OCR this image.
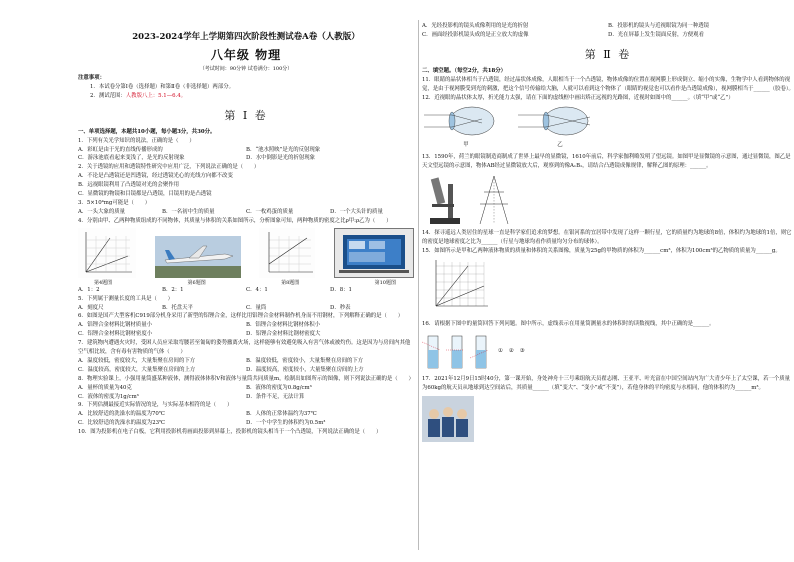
2023-2024学年上学期第四次阶段性测试卷A卷（人教版）
八年级 物理
（考试时间：90分钟 试卷满分：100分）
注意事项：
1．本试卷分第Ⅰ卷（选择题）和第Ⅱ卷（非选择题）两部分。
2．测试范围：人教版八上：5.1—6.4。
第 Ⅰ 卷
一、单项选择题，本题共10小题，每小题3分，共30分。
1．下列有关光学知识的说法，正确的是（　　）
A．彩虹是由于光的直线传播形成的	B．“池水照映”是光的反射现象
C．游泳池底看起来变浅了，是光的反射现象	D．水中倒影是光的折射现象
2．关于透镜的应用和透镜特性研究中应用广泛，下列说法正确的是（　　）
A．不论是凸透镜还是凹透镜，经过透镜光心的光线方向都不改变
B．远视眼镜利用了凸透镜对光的会聚作用
C．显微镜的物镜和目镜都是凸透镜，目镜用的是凸透镜
3．5×10⁴mg可能是（　　）
A．一头大象的质量	B．一名初中生的质量	C．一枚鸡蛋的质量	D．一个大头针的质量
4．分别由甲、乙两种物质组成的不同物体，其质量与体积的关系如图所示，分析图象可知，两种物质的密度之比ρ甲:ρ乙为（　　）
第4题图	第6题图	第8题图	第10题图
A．1：2	B．2：1	C．4：1	D．8：1
5．下列属于测量长度的工具是（　　）
A．刻度尺	B．托盘天平	C．量筒	D．秒表
6．如图是国产大型客机C919部分机身采用了新型的铝锂合金，这样比用铝锂合金材料制作机身而不用钢材，下列解释正确的是（　　）
A．铝锂合金材料比钢材质量小	B．铝锂合金材料比钢材体积小
C．铝锂合金材料比钢材密度小	D．铝锂合金材料比钢材密度大
7．建筑物内遭遇火灾时，受困人员应采取弯腰甚至匍匐的姿势撤离火场，这样能够有效避免吸入有害气体或被灼伤。这是因为与房间内其他空气相比较，含有毒有害物质的气体（　　）
A．温度较低，密度较大，大量集聚在房间的下方	B．温度较低，密度较小，大量集聚在房间的下方
C．温度较高，密度较大，大量集聚在房间的上方	D．温度较高，密度较小，大量集聚在房间的上方
8．物理实验课上，小强用量筒盛某种液体，测得液体体积V和液体与量筒共同质量m，绘制出如图所示的图像，则下列说法正确的是（　　）
A．量杯的质量为40克	B．液体的密度为0.8g/cm³
C．液体的密度为1g/cm³	D．条件不足，无法计算
9．下列估测最接近实际情况的是，与实际基本相符的是（　　）
A．比较舒适的洗澡水的温度为70℃	B．人体的正常体温约为37℃
C．比较舒适的洗澡水的温度为23℃	D．一个中学生的体积约为0.5m³
10．图为投影机在电子白板，它利用投影机将画面投影到屏幕上，投影机的镜头相当于一个凸透镜，下列说法正确的是（　　）
A．光经投影机的镜头成像利用的是光的折射	B．投影机的镜头与近视眼镜为同一种透镜
C．画面经投影机镜头成的是正立放大的虚像	D．光在屏幕上发生镜面反射，方便观看
第 Ⅱ 卷
二、填空题。（每空2分，共18分）
11．眼睛的晶状体相当于凸透镜，经过晶状体成像，人眼相当于一个凸透镜，物体成像的位置在视网膜上形成倒立、缩小的实像，生物学中人看到物体的视觉，是由于视网膜受到光的刺激，把这个信号传输给大脑，人就可以看到这个物体了（眼睛的视觉也可以看作是凸透镜成像），视网膜相当于______（胶卷）。
12．近视眼的晶状体太厚，折光能力太强，请在下面的虚线框中画出矫正远视的光路图，近视时如图中的______。（填“甲”或“乙”）
甲	乙
13．1590年，荷兰的眼镜制造商制成了世界上最早的显微镜，1610年前后，科学家伽利略发明了望远镜。如图甲是显微镜的示意图，通过显微镜，图乙是天文望远镜的示意图，物体AB经过显微镜放大后，观察到的像A₁B₁，请结合凸透镜成像规律，解释乙图的原理：______。
14．探寻遥远人类居住的星球一直是科学家们追求的梦想。在银河系的宜居带中发现了这样一颗行星，它的质量约为地球的8倍，体积约为地球的1倍，则它的密度是地球密度之比为______（行星与地球均看作质量均匀分布的球体）。
15．如图所示是甲和乙两种液体物质的质量和体积的关系图像，质量为25g的甲物质的体积为______cm³，体积为100cm³的乙物质的质量为______g。
16．请根据下图中的量筒回答下列问题。图中所示，虚线表示在用量筒测量水的体积时的读数视线，其中正确的是______。
① ② ③
17．2021年12月9日15时40分，第一课开始，身处神舟十三号乘组航天员翟志刚、王亚平、叶光富在中国空间站内为广大青少年上了太空课，若一个质量为60kg的航天员从地球到达空间站后，其质量______（填“变大”、“变小”或“不变”），若他身体的平均密度与水相同，他的体积约为______m³。
